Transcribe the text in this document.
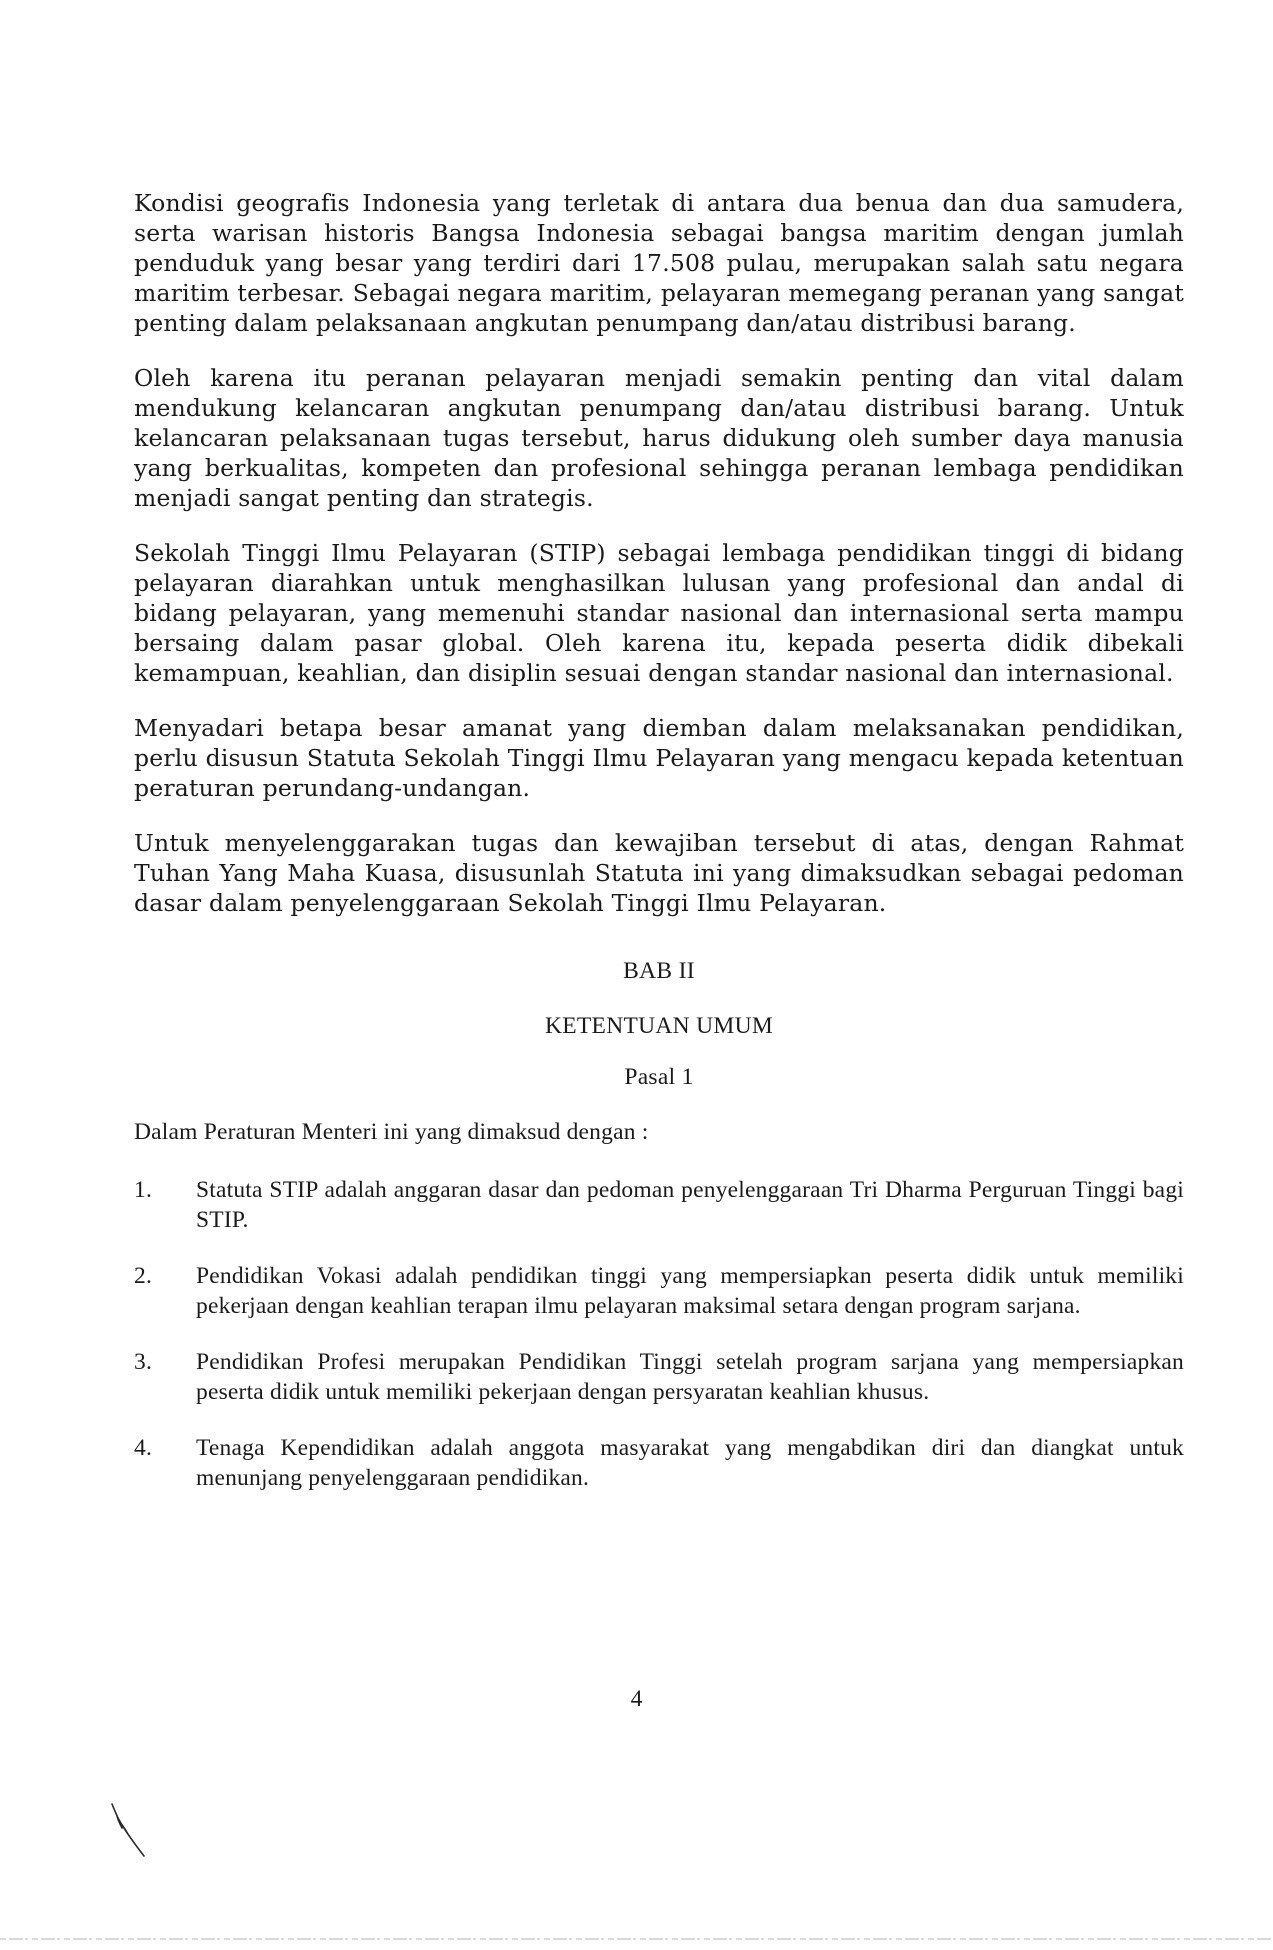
Kondisi geografis Indonesia yang terletak di antara dua benua dan dua samudera, serta warisan historis Bangsa Indonesia sebagai bangsa maritim dengan jumlah penduduk yang besar yang terdiri dari 17.508 pulau, merupakan salah satu negara maritim terbesar. Sebagai negara maritim, pelayaran memegang peranan yang sangat penting dalam pelaksanaan angkutan penumpang dan/atau distribusi barang.

Oleh karena itu peranan pelayaran menjadi semakin penting dan vital dalam mendukung kelancaran angkutan penumpang dan/atau distribusi barang. Untuk kelancaran pelaksanaan tugas tersebut, harus didukung oleh sumber daya manusia yang berkualitas, kompeten dan profesional sehingga peranan lembaga pendidikan menjadi sangat penting dan strategis.

Sekolah Tinggi Ilmu Pelayaran (STIP) sebagai lembaga pendidikan tinggi di bidang pelayaran diarahkan untuk menghasilkan lulusan yang profesional dan andal di bidang pelayaran, yang memenuhi standar nasional dan internasional serta mampu bersaing dalam pasar global. Oleh karena itu, kepada peserta didik dibekali kemampuan, keahlian, dan disiplin sesuai dengan standar nasional dan internasional.

Menyadari betapa besar amanat yang diemban dalam melaksanakan pendidikan, perlu disusun Statuta Sekolah Tinggi Ilmu Pelayaran yang mengacu kepada ketentuan peraturan perundang-undangan.

Untuk menyelenggarakan tugas dan kewajiban tersebut di atas, dengan Rahmat Tuhan Yang Maha Kuasa, disusunlah Statuta ini yang dimaksudkan sebagai pedoman dasar dalam penyelenggaraan Sekolah Tinggi Ilmu Pelayaran.

BAB II

KETENTUAN UMUM

Pasal 1

Dalam Peraturan Menteri ini yang dimaksud dengan :

1.	Statuta STIP adalah anggaran dasar dan pedoman penyelenggaraan Tri Dharma Perguruan Tinggi bagi STIP.
2.	Pendidikan Vokasi adalah pendidikan tinggi yang mempersiapkan peserta didik untuk memiliki pekerjaan dengan keahlian terapan ilmu pelayaran maksimal setara dengan program sarjana.
3.	Pendidikan Profesi merupakan Pendidikan Tinggi setelah program sarjana yang mempersiapkan peserta didik untuk memiliki pekerjaan dengan persyaratan keahlian khusus.
4.	Tenaga Kependidikan adalah anggota masyarakat yang mengabdikan diri dan diangkat untuk menunjang penyelenggaraan pendidikan.
4
